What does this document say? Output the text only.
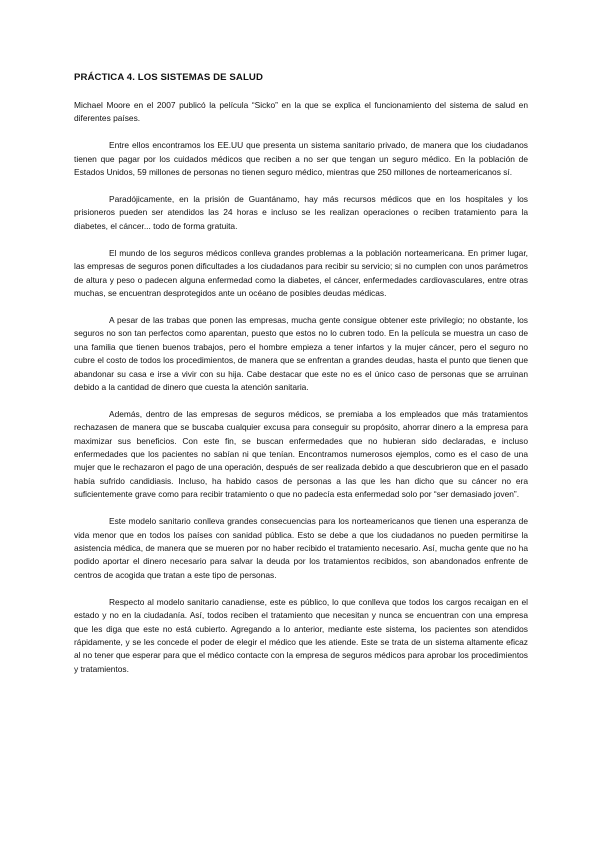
PRÁCTICA 4. LOS SISTEMAS DE SALUD

Michael Moore en el 2007 publicó la película “Sicko” en la que se explica el funcionamiento del sistema de salud en diferentes países.

Entre ellos encontramos los EE.UU que presenta un sistema sanitario privado, de manera que los ciudadanos tienen que pagar por los cuidados médicos que reciben a no ser que tengan un seguro médico. En la población de Estados Unidos, 59 millones de personas no tienen seguro médico, mientras que 250 millones de norteamericanos sí.

Paradójicamente, en la prisión de Guantánamo, hay más recursos médicos que en los hospitales y los prisioneros pueden ser atendidos las 24 horas e incluso se les realizan operaciones o reciben tratamiento para la diabetes, el cáncer... todo de forma gratuita.

El mundo de los seguros médicos conlleva grandes problemas a la población norteamericana. En primer lugar, las empresas de seguros ponen dificultades a los ciudadanos para recibir su servicio; si no cumplen con unos parámetros de altura y peso o padecen alguna enfermedad como la diabetes, el cáncer, enfermedades cardiovasculares, entre otras muchas, se encuentran desprotegidos ante un océano de posibles deudas médicas.

A pesar de las trabas que ponen las empresas, mucha gente consigue obtener este privilegio; no obstante, los seguros no son tan perfectos como aparentan, puesto que estos no lo cubren todo. En la película se muestra un caso de una familia que tienen buenos trabajos, pero el hombre empieza a tener infartos y la mujer cáncer, pero el seguro no cubre el costo de todos los procedimientos, de manera que se enfrentan a grandes deudas, hasta el punto que tienen que abandonar su casa e irse a vivir con su hija. Cabe destacar que este no es el único caso de personas que se arruinan debido a la cantidad de dinero que cuesta la atención sanitaria.

Además, dentro de las empresas de seguros médicos, se premiaba a los empleados que más tratamientos rechazasen de manera que se buscaba cualquier excusa para conseguir su propósito, ahorrar dinero a la empresa para maximizar sus beneficios. Con este fin, se buscan enfermedades que no hubieran sido declaradas, e incluso enfermedades que los pacientes no sabían ni que tenían. Encontramos numerosos ejemplos, como es el caso de una mujer que le rechazaron el pago de una operación, después de ser realizada debido a que descubrieron que en el pasado había sufrido candidiasis. Incluso, ha habido casos de personas a las que les han dicho que su cáncer no era suficientemente grave como para recibir tratamiento o que no padecía esta enfermedad solo por “ser demasiado joven”.

Este modelo sanitario conlleva grandes consecuencias para los norteamericanos que tienen una esperanza de vida menor que en todos los países con sanidad pública. Esto se debe a que los ciudadanos no pueden permitirse la asistencia médica, de manera que se mueren por no haber recibido el tratamiento necesario. Así, mucha gente que no ha podido aportar el dinero necesario para salvar la deuda por los tratamientos recibidos, son abandonados enfrente de centros de acogida que tratan a este tipo de personas.

Respecto al modelo sanitario canadiense, este es público, lo que conlleva que todos los cargos recaigan en el estado y no en la ciudadanía. Así, todos reciben el tratamiento que necesitan y nunca se encuentran con una empresa que les diga que este no está cubierto. Agregando a lo anterior, mediante este sistema, los pacientes son atendidos rápidamente, y se les concede el poder de elegir el médico que les atiende. Este se trata de un sistema altamente eficaz al no tener que esperar para que el médico contacte con la empresa de seguros médicos para aprobar los procedimientos y tratamientos.
